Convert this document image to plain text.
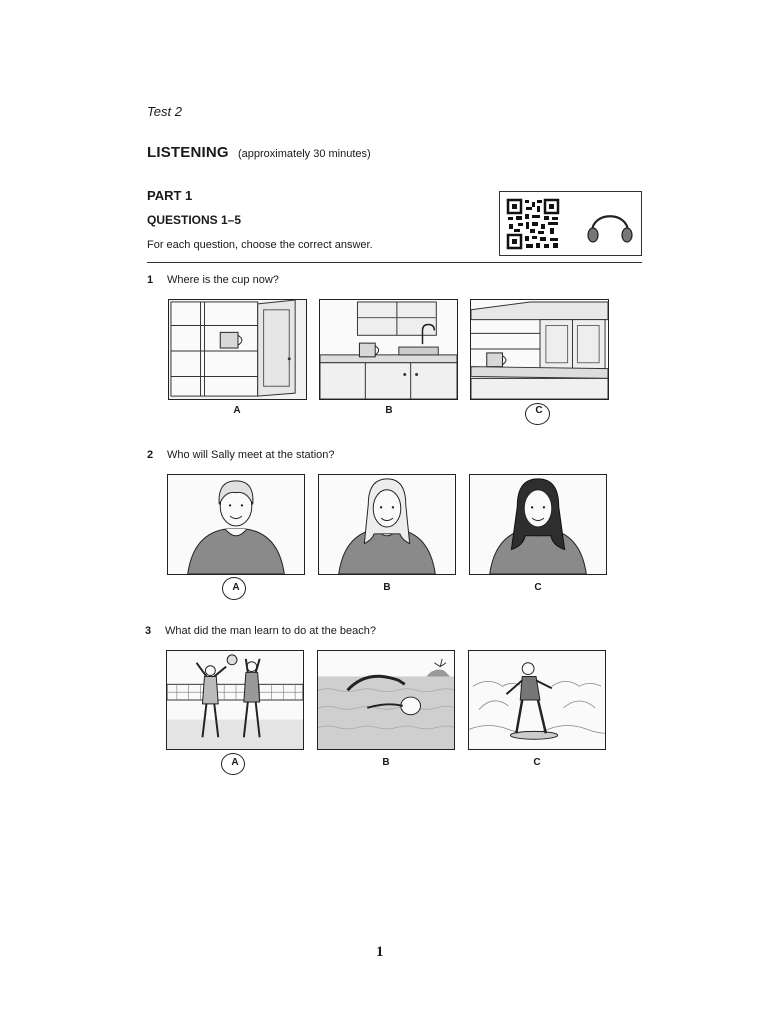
Test 2
LISTENING (approximately 30 minutes)
PART 1
QUESTIONS 1–5
For each question, choose the correct answer.
1 Where is the cup now?
A	B	C
2 Who will Sally meet at the station?
A	B	C
3 What did the man learn to do at the beach?
A	B	C
1
